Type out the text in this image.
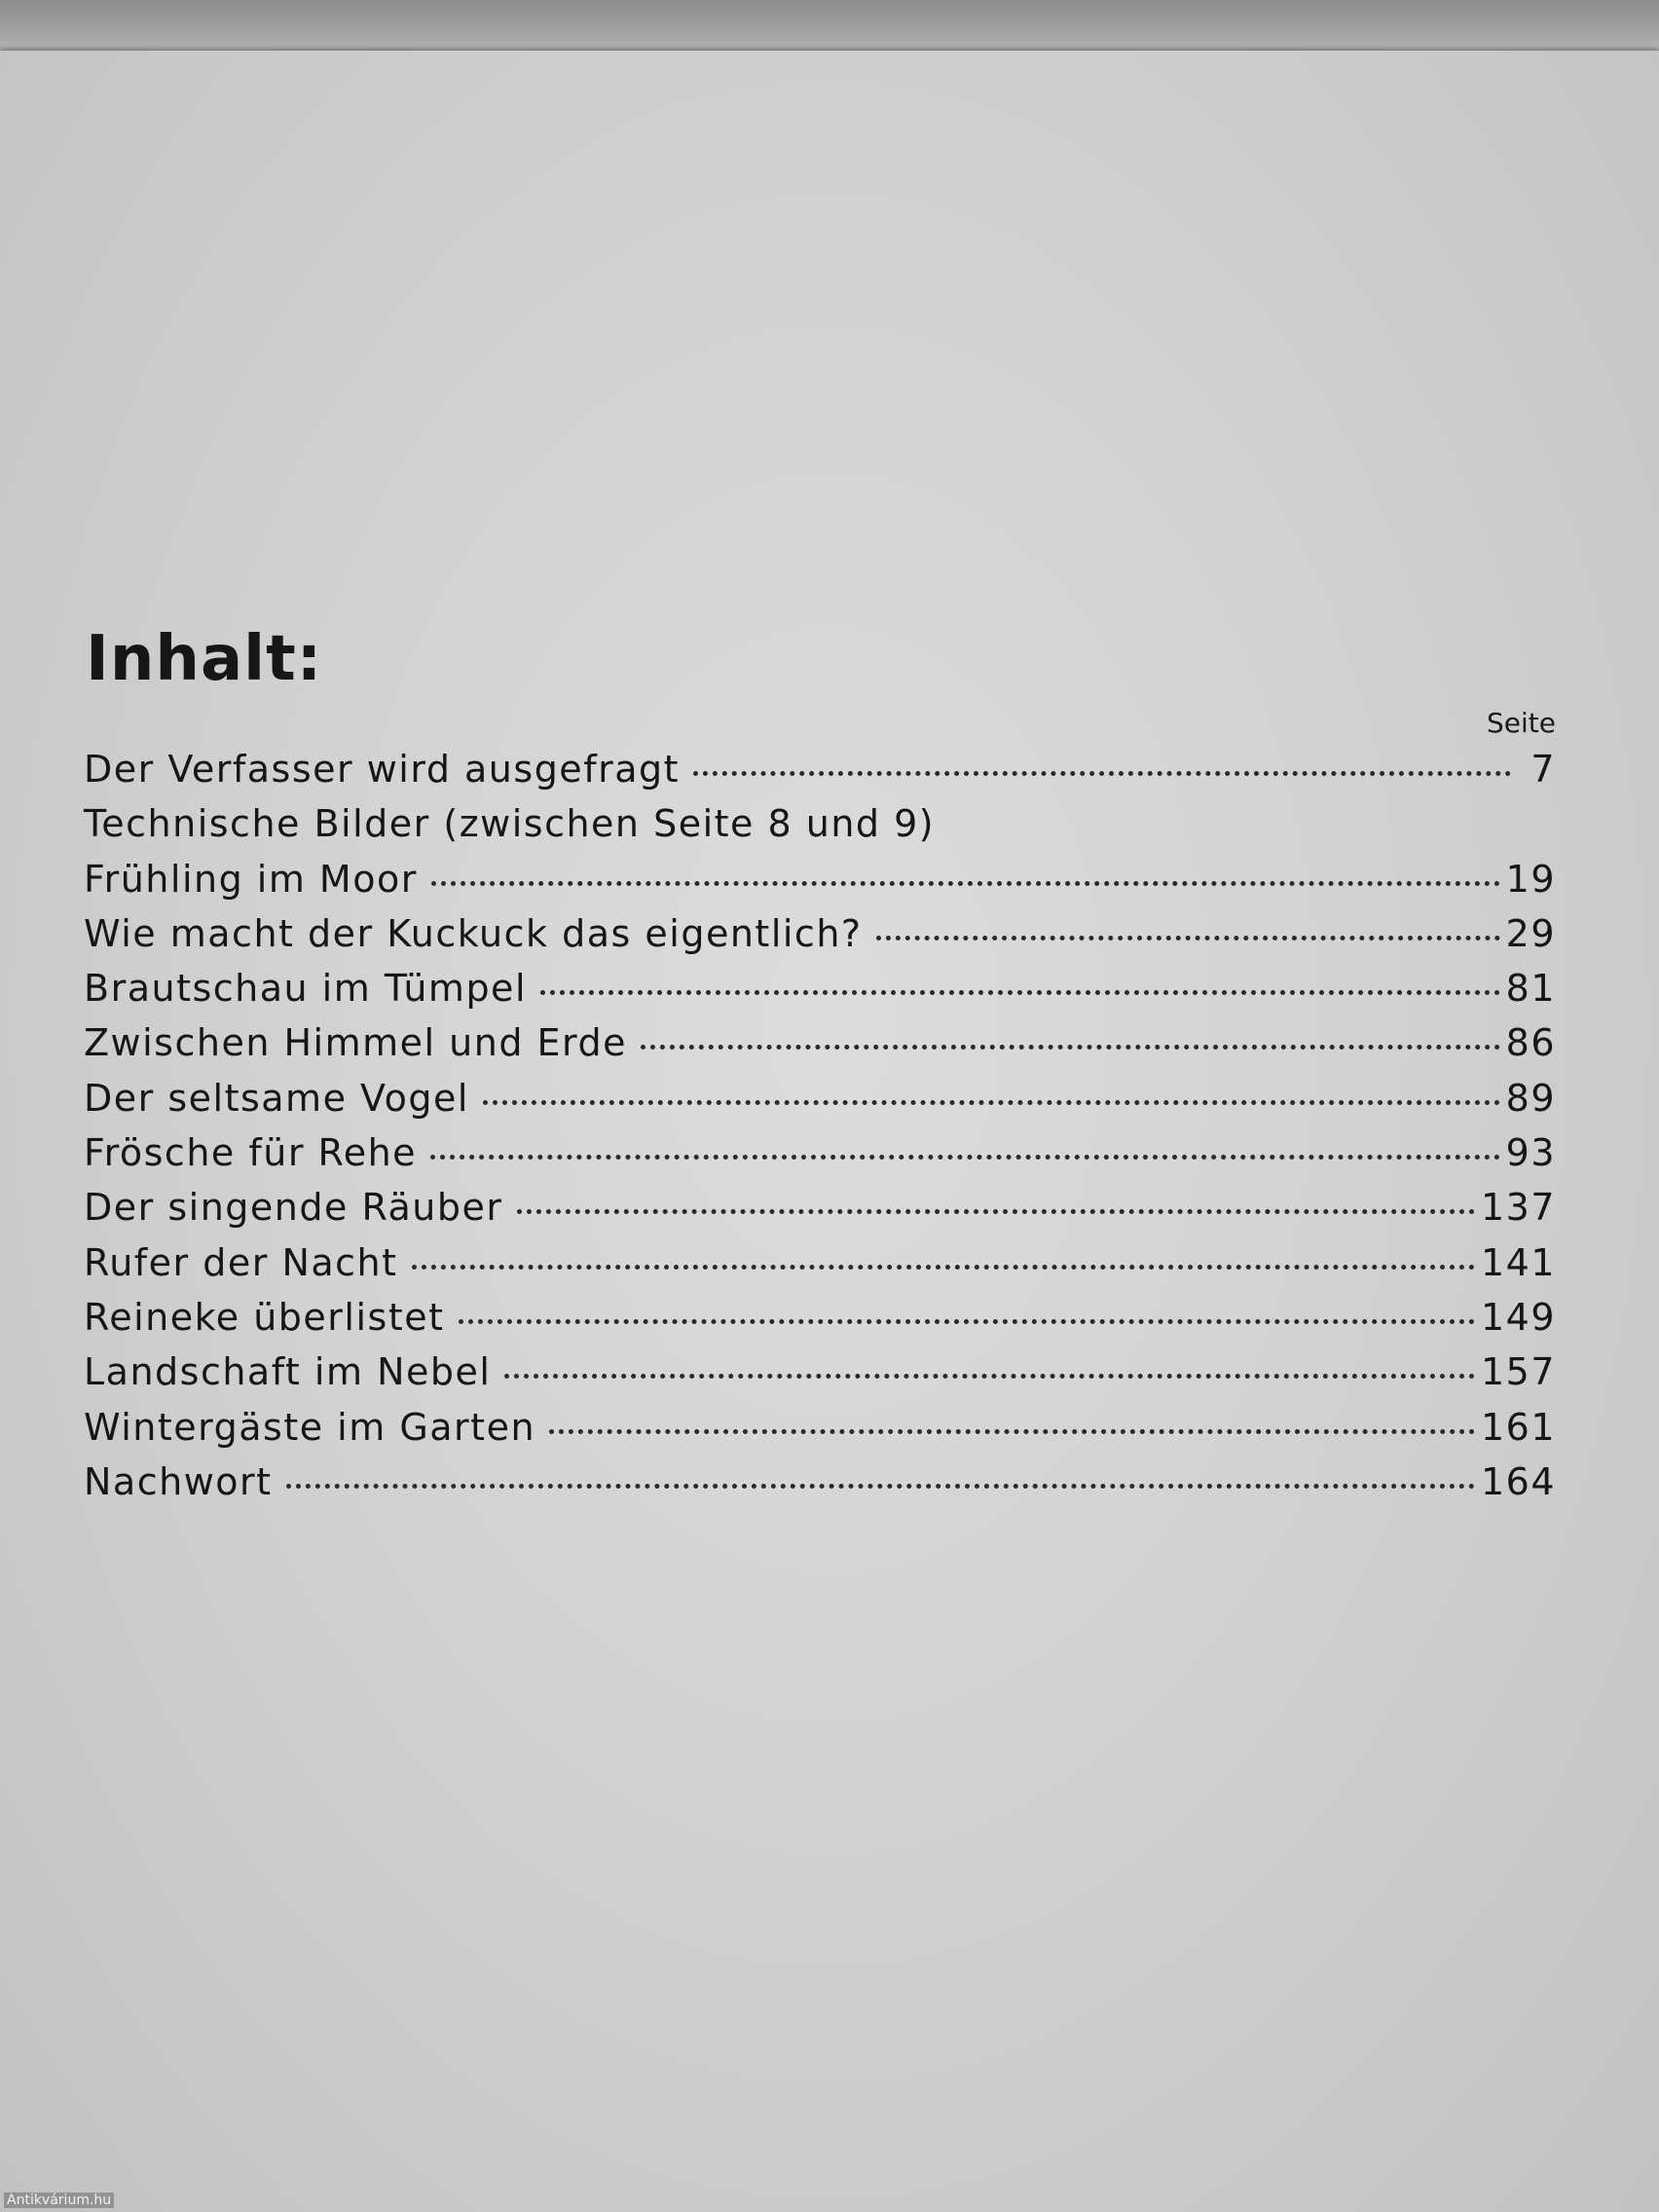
Inhalt:
Seite
Der Verfasser wird ausgefragt	7
Technische Bilder (zwischen Seite 8 und 9)
Frühling im Moor	19
Wie macht der Kuckuck das eigentlich?	29
Brautschau im Tümpel	81
Zwischen Himmel und Erde	86
Der seltsame Vogel	89
Frösche für Rehe	93
Der singende Räuber	137
Rufer der Nacht	141
Reineke überlistet	149
Landschaft im Nebel	157
Wintergäste im Garten	161
Nachwort	164
Antikvárium.hu
